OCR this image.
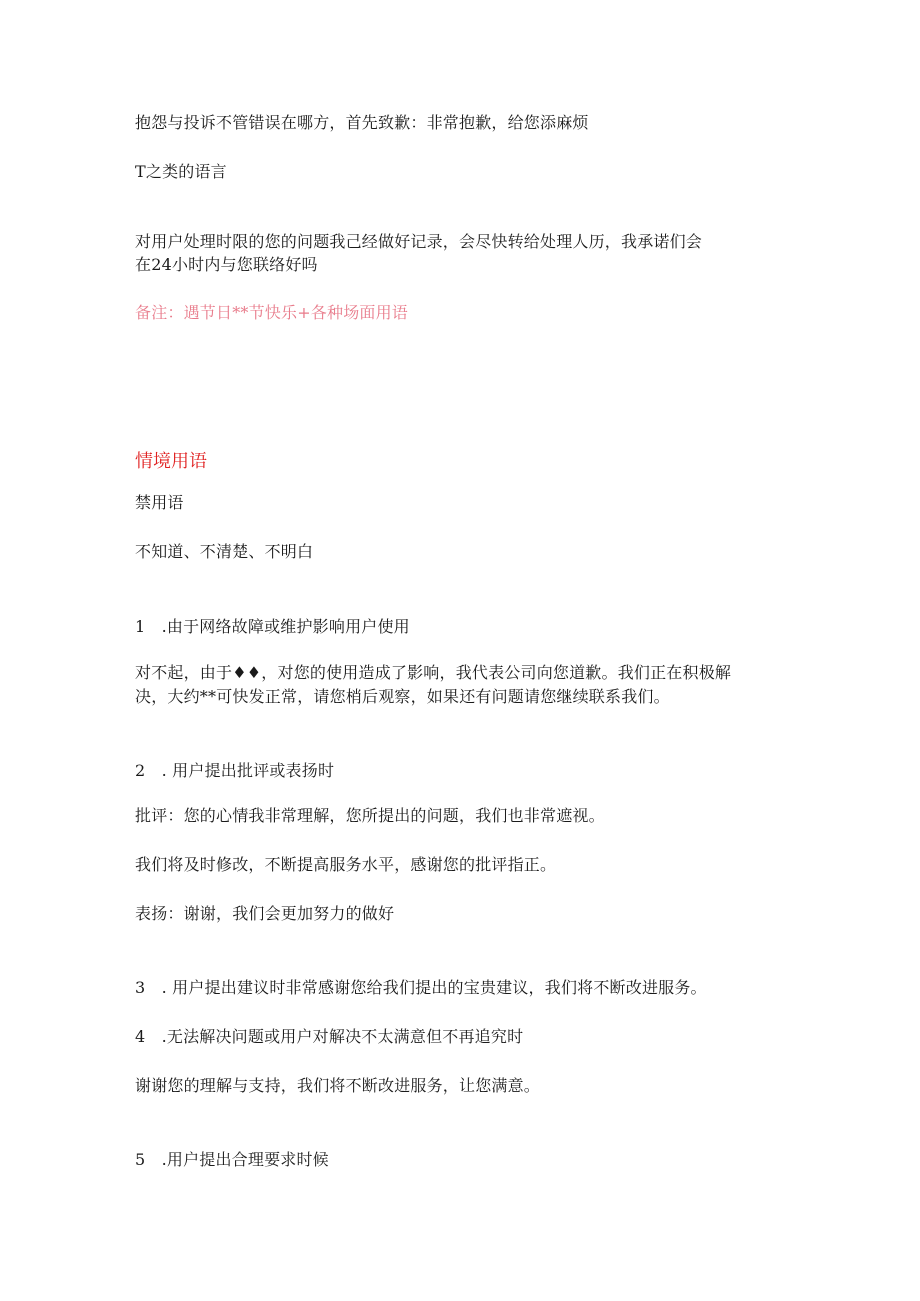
抱怨与投诉不管错误在哪方，首先致歉：非常抱歉，给您添麻烦
T之类的语言
对用户处理时限的您的问题我己经做好记录，会尽快转给处理人历，我承诺们会
在24小时内与您联络好吗
备注：遇节日**节快乐+各种场面用语
情境用语
禁用语
不知道、不清楚、不明白
1　.由于网络故障或维护影响用户使用
对不起，由于♦♦，对您的使用造成了影响，我代表公司向您道歉。我们正在积极解
决，大约**可快发正常，请您梢后观察，如果还有问题请您继续联系我们。
2　. 用户提出批评或表扬时
批评：您的心情我非常理解，您所提出的问题，我们也非常遮视。
我们将及时修改，不断提高服务水平，感谢您的批评指正。
表扬：谢谢，我们会更加努力的做好
3　. 用户提出建议时非常感谢您给我们提出的宝贵建议，我们将不断改进服务。
4　.无法解决问题或用户对解决不太满意但不再追究时
谢谢您的理解与支持，我们将不断改进服务，让您满意。
5　.用户提出合理要求时候
